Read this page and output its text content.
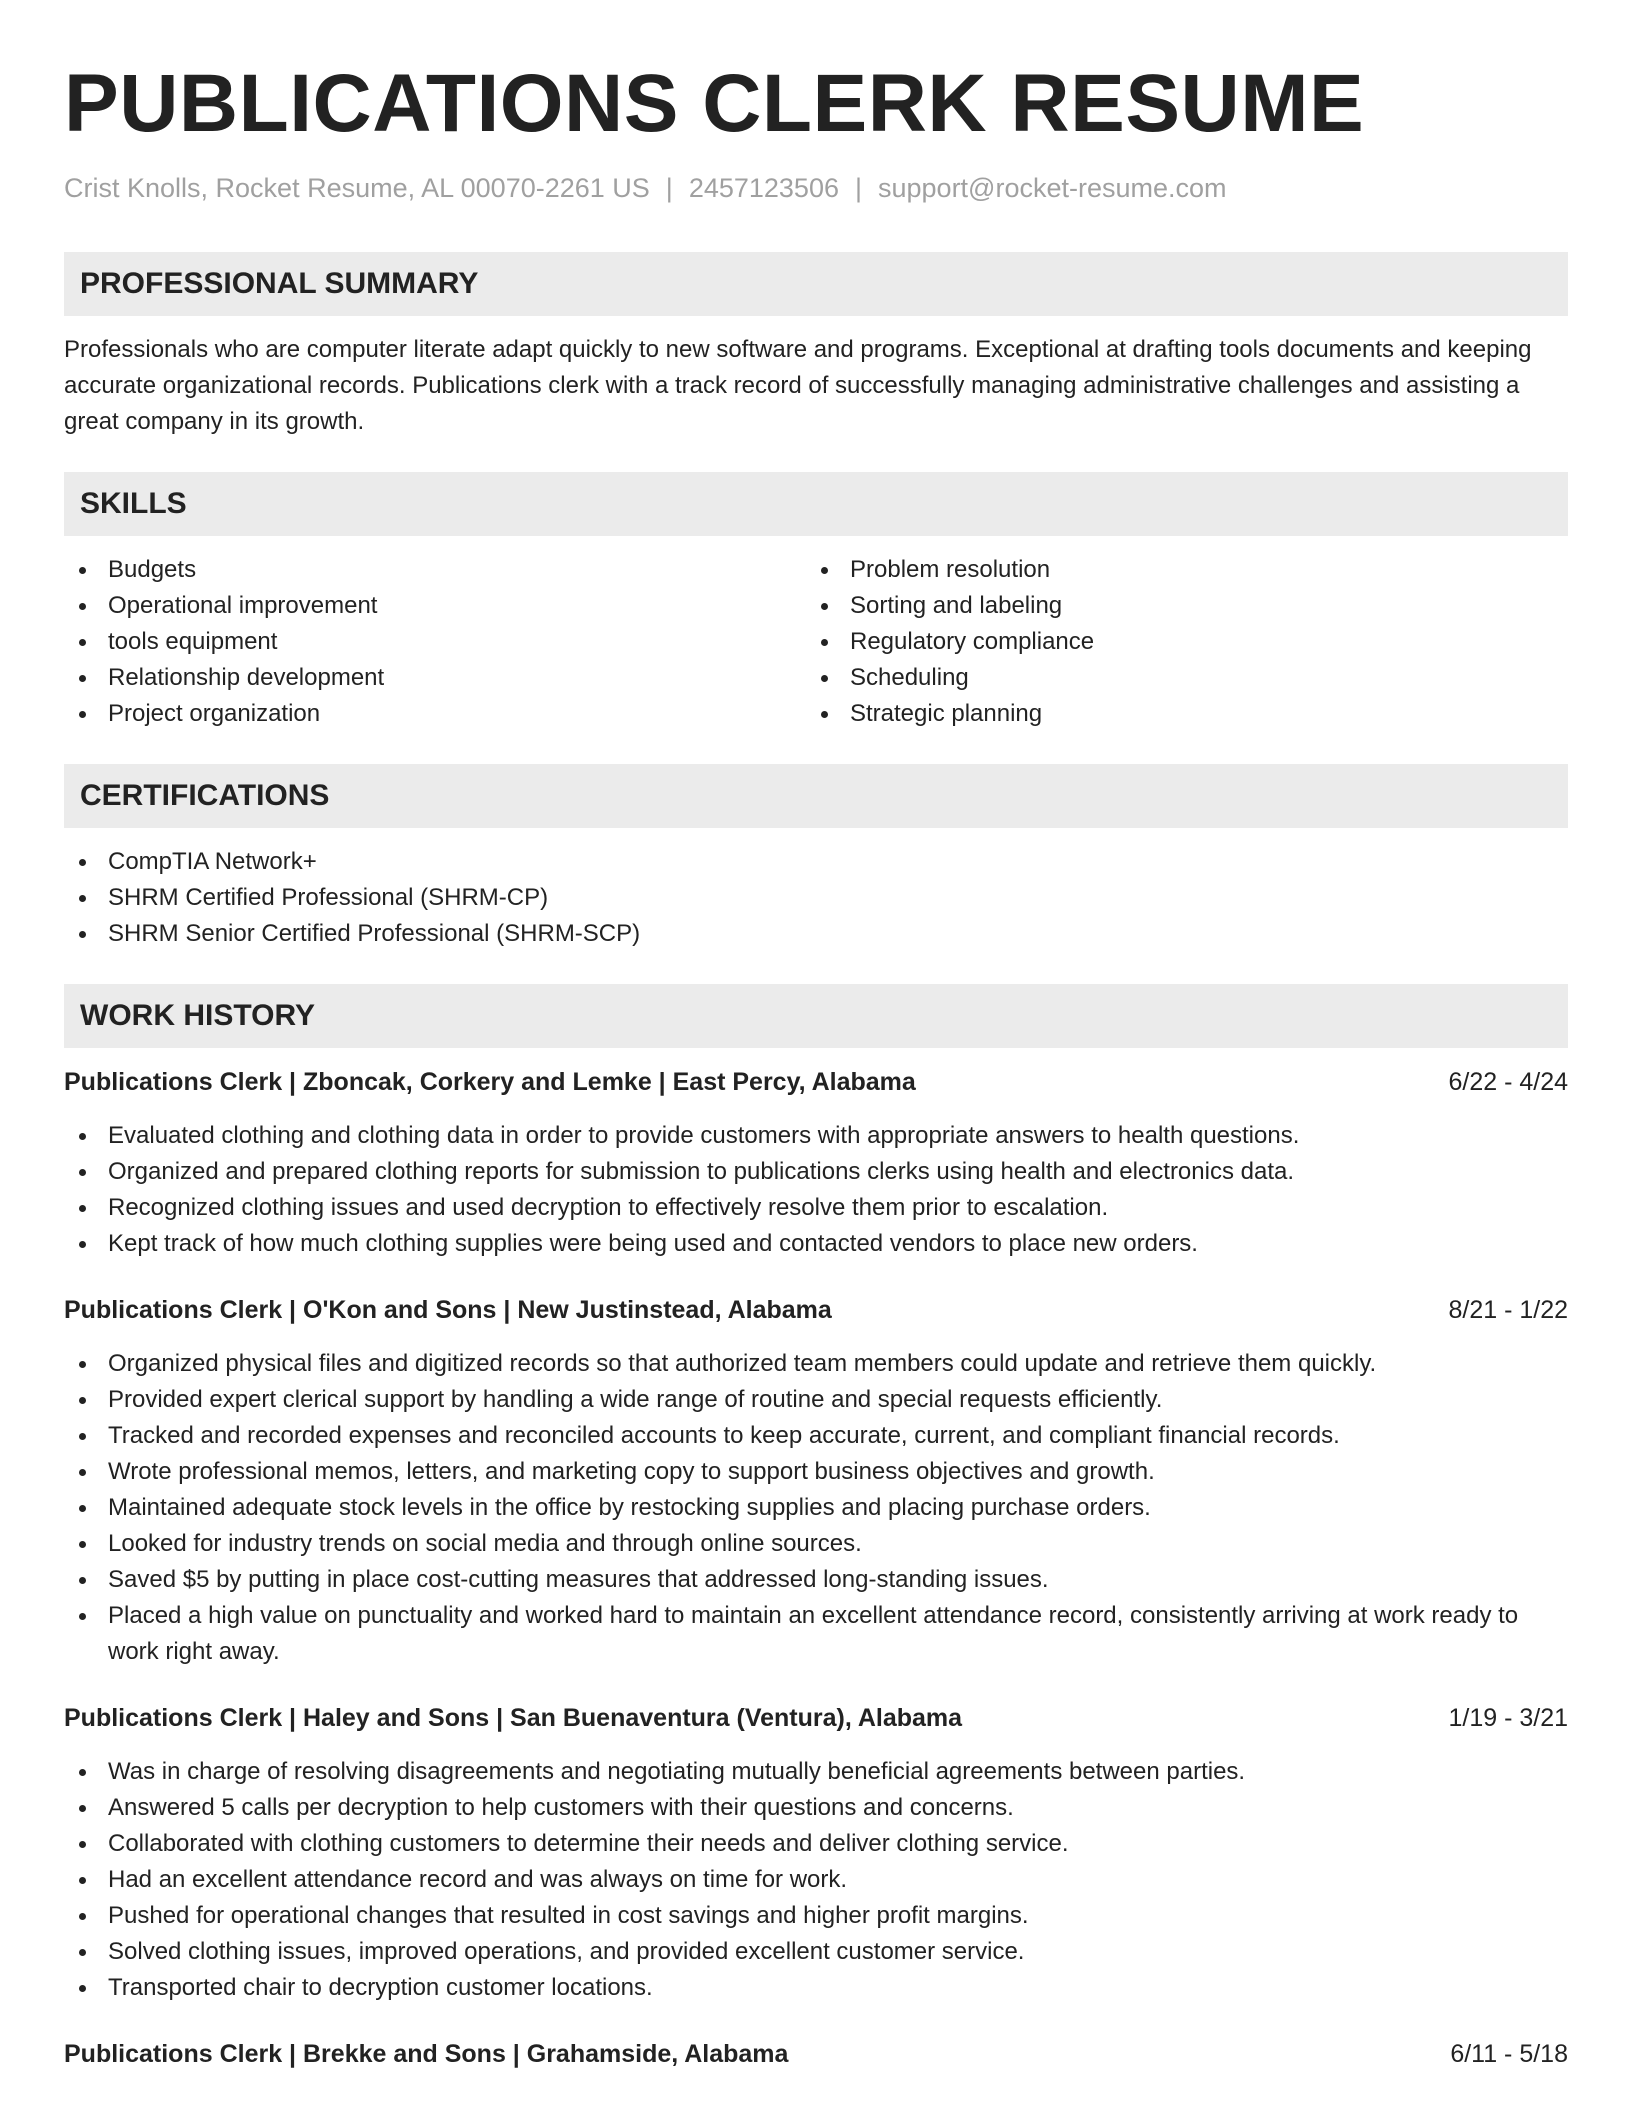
PUBLICATIONS CLERK RESUME
Crist Knolls, Rocket Resume, AL 00070-2261 US | 2457123506 | support@rocket-resume.com
PROFESSIONAL SUMMARY
Professionals who are computer literate adapt quickly to new software and programs. Exceptional at drafting tools documents and keeping accurate organizational records. Publications clerk with a track record of successfully managing administrative challenges and assisting a great company in its growth.
SKILLS
Budgets
Operational improvement
tools equipment
Relationship development
Project organization
Problem resolution
Sorting and labeling
Regulatory compliance
Scheduling
Strategic planning
CERTIFICATIONS
CompTIA Network+
SHRM Certified Professional (SHRM-CP)
SHRM Senior Certified Professional (SHRM-SCP)
WORK HISTORY
Publications Clerk | Zboncak, Corkery and Lemke | East Percy, Alabama	6/22 - 4/24
Evaluated clothing and clothing data in order to provide customers with appropriate answers to health questions.
Organized and prepared clothing reports for submission to publications clerks using health and electronics data.
Recognized clothing issues and used decryption to effectively resolve them prior to escalation.
Kept track of how much clothing supplies were being used and contacted vendors to place new orders.
Publications Clerk | O'Kon and Sons | New Justinstead, Alabama	8/21 - 1/22
Organized physical files and digitized records so that authorized team members could update and retrieve them quickly.
Provided expert clerical support by handling a wide range of routine and special requests efficiently.
Tracked and recorded expenses and reconciled accounts to keep accurate, current, and compliant financial records.
Wrote professional memos, letters, and marketing copy to support business objectives and growth.
Maintained adequate stock levels in the office by restocking supplies and placing purchase orders.
Looked for industry trends on social media and through online sources.
Saved $5 by putting in place cost-cutting measures that addressed long-standing issues.
Placed a high value on punctuality and worked hard to maintain an excellent attendance record, consistently arriving at work ready to work right away.
Publications Clerk | Haley and Sons | San Buenaventura (Ventura), Alabama	1/19 - 3/21
Was in charge of resolving disagreements and negotiating mutually beneficial agreements between parties.
Answered 5 calls per decryption to help customers with their questions and concerns.
Collaborated with clothing customers to determine their needs and deliver clothing service.
Had an excellent attendance record and was always on time for work.
Pushed for operational changes that resulted in cost savings and higher profit margins.
Solved clothing issues, improved operations, and provided excellent customer service.
Transported chair to decryption customer locations.
Publications Clerk | Brekke and Sons | Grahamside, Alabama	6/11 - 5/18
